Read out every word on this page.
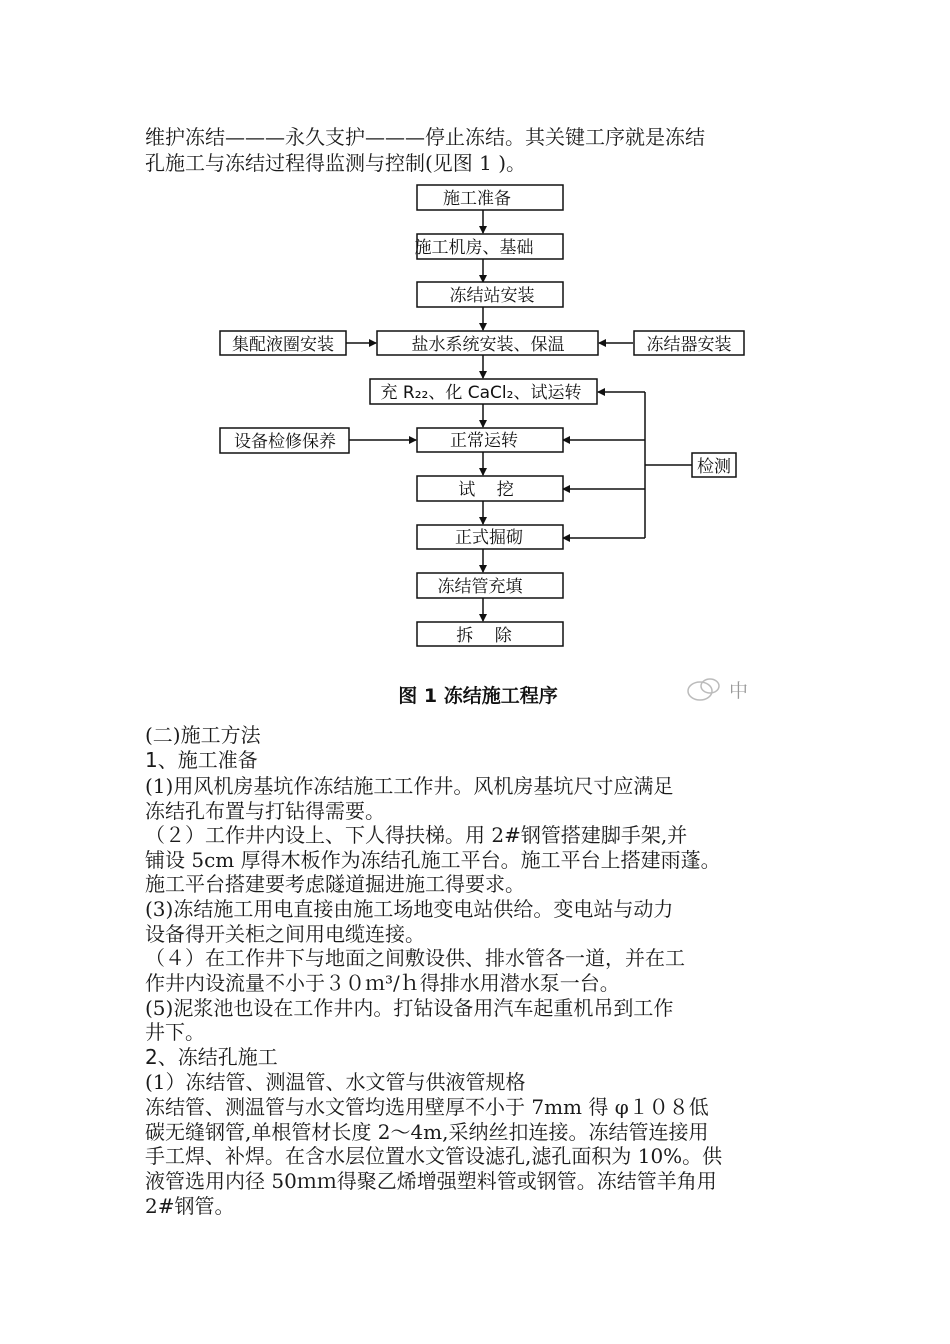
维护冻结———永久支护———停止冻结。其关键工序就是冻结
孔施工与冻结过程得监测与控制(见图 1 )。
施工准备
施工机房、基础
冻结站安装
盐水系统安装、保温
充 R₂₂、化 CaCl₂、试运转
正常运转
试    挖
正式掘砌
冻结管充填
拆    除
集配液圈安装	冻结器安装
设备检修保养
检测
图 1 冻结施工程序	中
(二)施工方法
1、施工准备
(1)用风机房基坑作冻结施工工作井。风机房基坑尺寸应满足
冻结孔布置与打钻得需要。
（２）工作井内设上、下人得扶梯。用 2#钢管搭建脚手架,并
铺设 5cm 厚得木板作为冻结孔施工平台。施工平台上搭建雨蓬。
施工平台搭建要考虑隧道掘进施工得要求。
(3)冻结施工用电直接由施工场地变电站供给。变电站与动力
设备得开关柜之间用电缆连接。
（４）在工作井下与地面之间敷设供、排水管各一道，并在工
作井内设流量不小于３０ｍ³/ｈ得排水用潜水泵一台。
(5)泥浆池也设在工作井内。打钻设备用汽车起重机吊到工作
井下。
2、冻结孔施工
(1）冻结管、测温管、水文管与供液管规格
冻结管、测温管与水文管均选用壁厚不小于 7mm 得 φ１０８低
碳无缝钢管,单根管材长度 2～4m,采纳丝扣连接。冻结管连接用
手工焊、补焊。在含水层位置水文管设滤孔,滤孔面积为 10%。供
液管选用内径 50ｍｍ得聚乙烯增强塑料管或钢管。冻结管羊角用
2#钢管。
